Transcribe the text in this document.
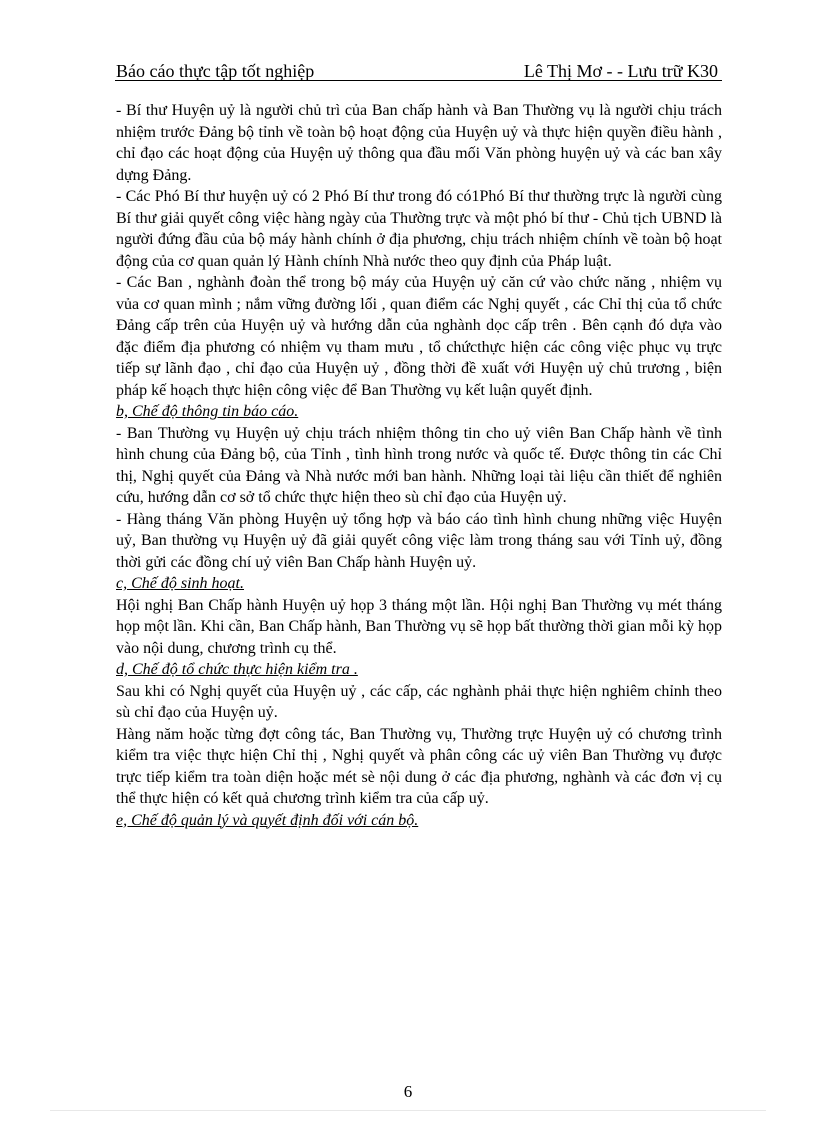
Báo cáo thực tập tốt nghiệp	Lê Thị Mơ - - Lưu trữ K30

- Bí thư Huyện uỷ là người chủ trì của Ban chấp hành và Ban Thường vụ là người chịu trách nhiệm trước Đảng bộ tỉnh về toàn bộ hoạt động của Huyện uỷ và thực hiện quyền điều hành , chỉ đạo các hoạt động của Huyện uỷ thông qua đầu mối Văn phòng huyện uỷ và các ban xây dựng Đảng.

- Các Phó Bí thư huyện uỷ có 2 Phó Bí thư trong đó có1Phó Bí thư thường trực là người cùng Bí thư giải quyết công việc hàng ngày của Thường trực và một phó bí thư - Chủ tịch UBND là người đứng đầu của bộ máy hành chính ở địa phương, chịu trách nhiệm chính về toàn bộ hoạt động của cơ quan quản lý Hành chính Nhà nước theo quy định của Pháp luật.

- Các Ban , nghành đoàn thể trong bộ máy của Huyện uỷ căn cứ vào chức năng , nhiệm vụ vủa cơ quan mình ; nắm vững đường lối , quan điểm các Nghị quyết , các Chỉ thị của tổ chức Đảng cấp trên của Huyện uỷ và hướng dẫn của nghành dọc cấp trên . Bên cạnh đó dựa vào đặc điểm địa phương có nhiệm vụ tham mưu , tổ chứcthực hiện các công việc phục vụ trực tiếp sự lãnh đạo , chỉ đạo của Huyện uỷ , đồng thời đề xuất với Huyện uỷ chủ trương , biện pháp kế hoạch thực hiện công việc để Ban Thường vụ kết luận quyết định.

b, Chế độ thông tin báo cáo.

- Ban Thường vụ Huyện uỷ chịu trách nhiệm thông tin cho uỷ viên Ban Chấp hành về tình hình chung của Đảng bộ, của Tỉnh , tình hình trong nước và quốc tế. Được thông tin các Chỉ thị, Nghị quyết của Đảng và Nhà nước mới ban hành. Những loại tài liệu cần thiết để nghiên cứu, hướng dẫn cơ sở tổ chức thực hiện theo sù chỉ đạo của Huyện uỷ.

- Hàng tháng Văn phòng Huyện uỷ tổng hợp và báo cáo tình hình chung những việc Huyện uỷ, Ban thường vụ Huyện uỷ đã giải quyết công việc làm trong tháng sau với Tỉnh uỷ, đồng thời gửi các đồng chí uỷ viên Ban Chấp hành Huyện uỷ.

c, Chế độ sinh hoạt.

Hội nghị Ban Chấp hành Huyện uỷ họp 3 tháng một lần. Hội nghị Ban Thường vụ mét tháng họp một lần. Khi cần, Ban Chấp hành, Ban Thường vụ sẽ họp bất thường thời gian mỗi kỳ họp vào nội dung, chương trình cụ thể.

d, Chế độ tổ chức thực hiện kiểm tra .

Sau khi có Nghị quyết của Huyện uỷ , các cấp, các nghành phải thực hiện nghiêm chỉnh theo sù chỉ đạo của Huyện uỷ.

Hàng năm hoặc từng đợt công tác, Ban Thường vụ, Thường trực Huyện uỷ có chương trình kiểm tra việc thực hiện Chỉ thị , Nghị quyết và phân công các uỷ viên Ban Thường vụ được trực tiếp kiểm tra toàn diện hoặc mét sè nội dung ở các địa phương, nghành và các đơn vị cụ thể thực hiện có kết quả chương trình kiểm tra của cấp uỷ.

e, Chế độ quản lý và quyết định đối với cán bộ.
6
